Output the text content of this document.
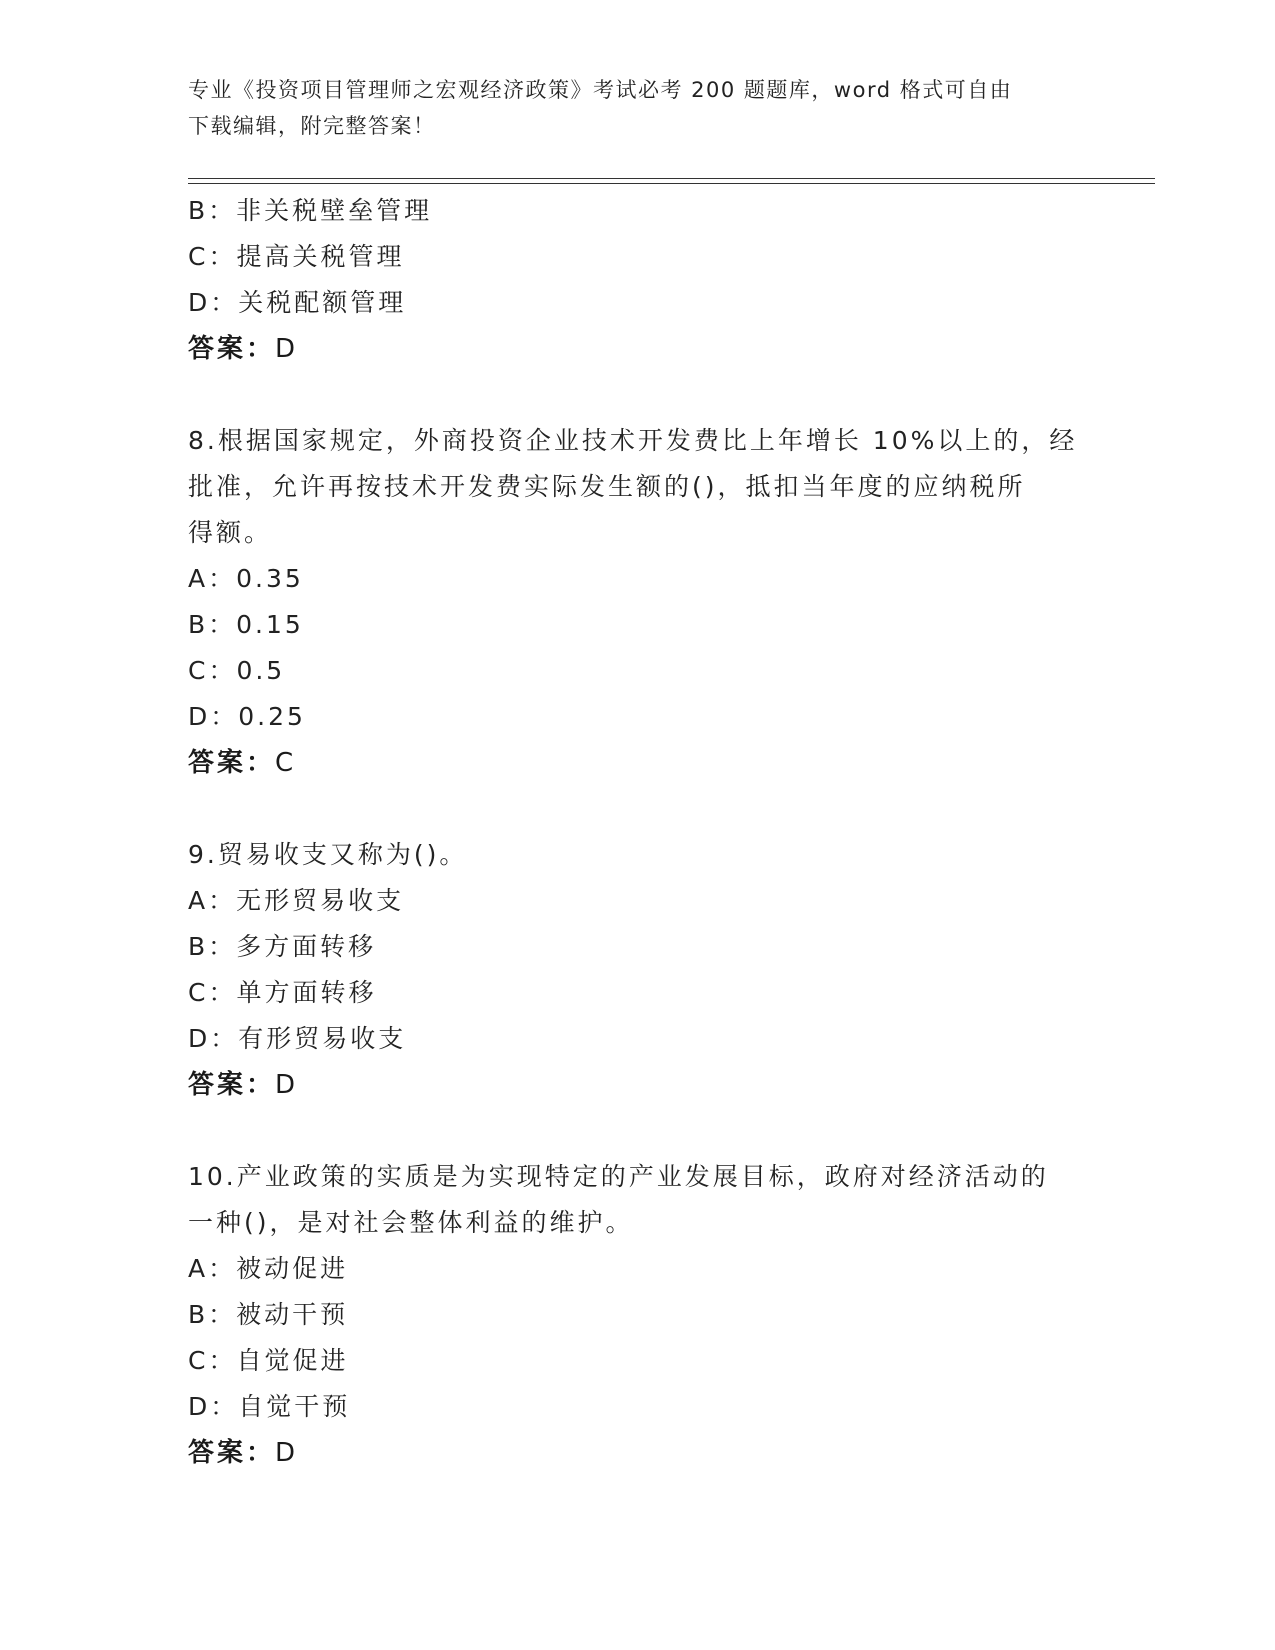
专业《投资项目管理师之宏观经济政策》考试必考 200 题题库，word 格式可自由
下载编辑，附完整答案！
B：非关税壁垒管理
C：提高关税管理
D：关税配额管理
答案：D
8.根据国家规定，外商投资企业技术开发费比上年增长 10%以上的，经
批准，允许再按技术开发费实际发生额的()，抵扣当年度的应纳税所
得额。
A：0.35
B：0.15
C：0.5
D：0.25
答案：C
9.贸易收支又称为()。
A：无形贸易收支
B：多方面转移
C：单方面转移
D：有形贸易收支
答案：D
10.产业政策的实质是为实现特定的产业发展目标，政府对经济活动的
一种()，是对社会整体利益的维护。
A：被动促进
B：被动干预
C：自觉促进
D：自觉干预
答案：D
